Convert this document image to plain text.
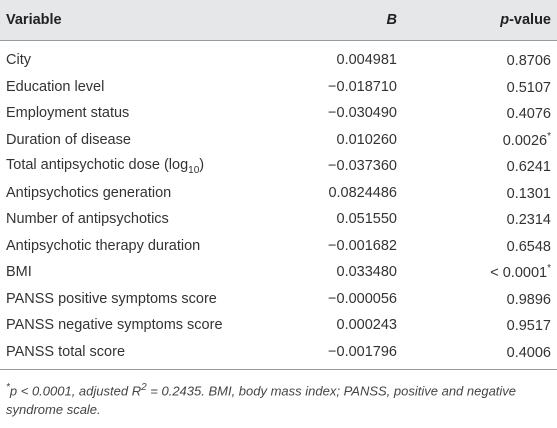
Variable	B	p-value
City	0.004981	0.8706
Education level	−0.018710	0.5107
Employment status	−0.030490	0.4076
Duration of disease	0.010260	0.0026*
Total antipsychotic dose $(\log_{10})$	−0.037360	0.6241
Antipsychotics generation	0.0824486	0.1301
Number of antipsychotics	0.051550	0.2314
Antipsychotic therapy duration	−0.001682	0.6548
BMI	0.033480	< 0.0001*
PANSS positive symptoms score	−0.000056	0.9896
PANSS negative symptoms score	0.000243	0.9517
PANSS total score	−0.001796	0.4006
*p < 0.0001, adjusted $R^2 = 0.2435$. BMI, body mass index; PANSS, positive and negative syndrome scale.
